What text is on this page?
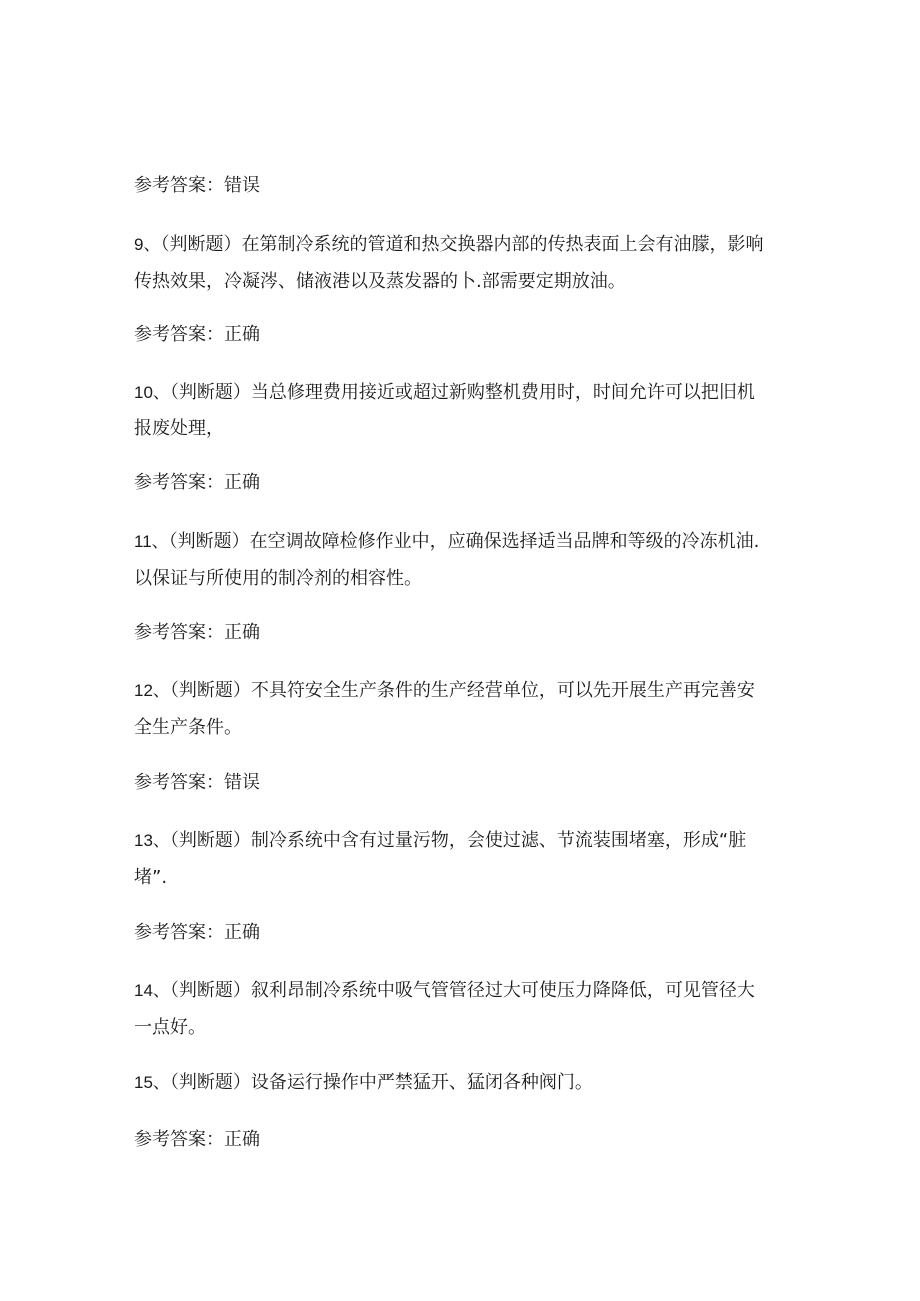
参考答案：错误
9、（判断题）在第制冷系统的管道和热交换器内部的传热表面上会有油朦，影响
传热效果，冷凝涔、储液港以及蒸发器的卜.部需要定期放油。
参考答案：正确
10、（判断题）当总修理费用接近或超过新购整机费用时，时间允许可以把旧机
报废处理，
参考答案：正确
11、（判断题）在空调故障检修作业中，应确保选择适当品牌和等级的冷冻机油.
以保证与所使用的制冷剂的相容性。
参考答案：正确
12、（判断题）不具符安全生产条件的生产经营单位，可以先开展生产再完善安
全生产条件。
参考答案：错误
13、（判断题）制冷系统中含有过量污物，会使过滤、节流装围堵塞，形成“脏
堵”.
参考答案：正确
14、（判断题）叙利昂制冷系统中吸气管管径过大可使压力降降低，可见管径大
一点好。
15、（判断题）设备运行操作中严禁猛开、猛闭各种阀门。
参考答案：正确
